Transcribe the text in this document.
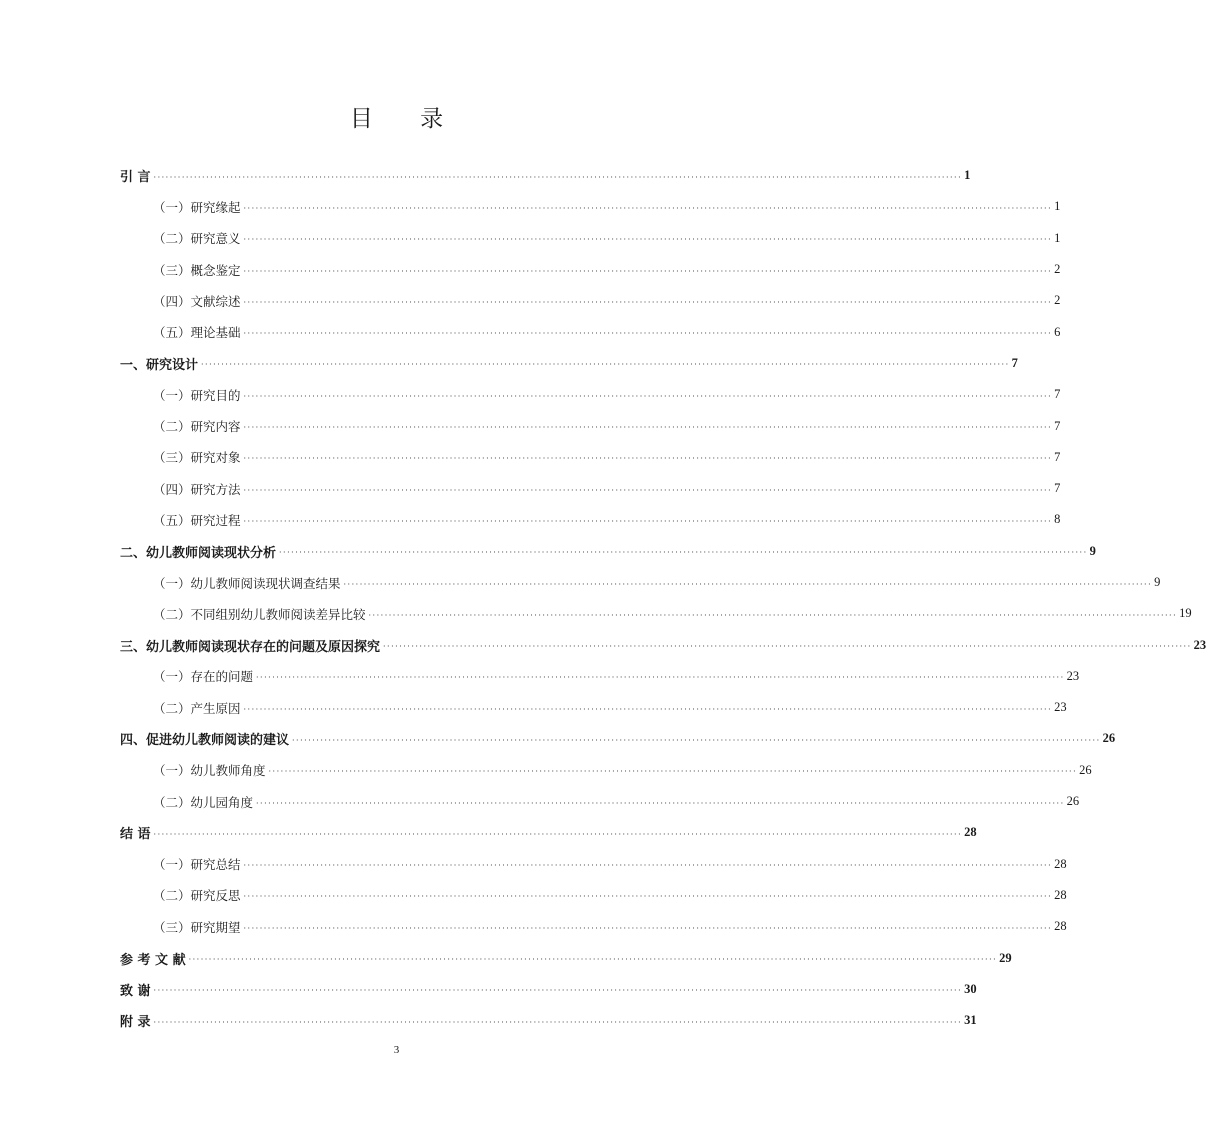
目 录
引 言 ········································································································································································································ 1
（一）研究缘起 ········································································································································································································ 1
（二）研究意义 ········································································································································································································ 1
（三）概念鉴定 ········································································································································································································ 2
（四）文献综述 ········································································································································································································ 2
（五）理论基础 ········································································································································································································ 6
一、研究设计 ········································································································································································································ 7
（一）研究目的 ········································································································································································································ 7
（二）研究内容 ········································································································································································································ 7
（三）研究对象 ········································································································································································································ 7
（四）研究方法 ········································································································································································································ 7
（五）研究过程 ········································································································································································································ 8
二、幼儿教师阅读现状分析 ········································································································································································································ 9
（一）幼儿教师阅读现状调查结果 ········································································································································································································ 9
（二）不同组别幼儿教师阅读差异比较 ········································································································································································································ 19
三、幼儿教师阅读现状存在的问题及原因探究 ········································································································································································································ 23
（一）存在的问题 ········································································································································································································ 23
（二）产生原因 ········································································································································································································ 23
四、促进幼儿教师阅读的建议 ········································································································································································································ 26
（一）幼儿教师角度 ········································································································································································································ 26
（二）幼儿园角度 ········································································································································································································ 26
结 语 ········································································································································································································ 28
（一）研究总结 ········································································································································································································ 28
（二）研究反思 ········································································································································································································ 28
（三）研究期望 ········································································································································································································ 28
参 考 文 献 ········································································································································································································ 29
致 谢 ········································································································································································································ 30
附 录 ········································································································································································································ 31
3
